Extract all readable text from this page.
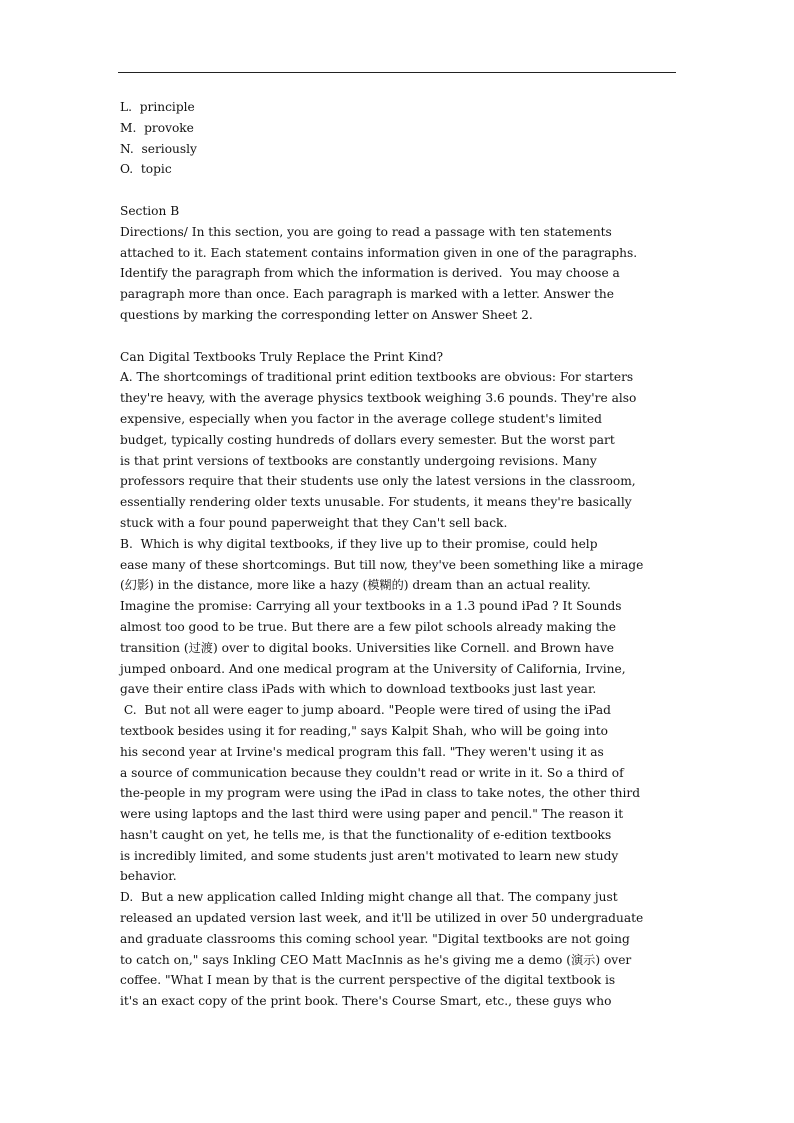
L.  principle
M.  provoke
N.  seriously
O.  topic
Section B
Directions/ In this section, you are going to read a passage with ten statements
attached to it. Each statement contains information given in one of the paragraphs.
Identify the paragraph from which the information is derived.  You may choose a
paragraph more than once. Each paragraph is marked with a letter. Answer the
questions by marking the corresponding letter on Answer Sheet 2.
Can Digital Textbooks Truly Replace the Print Kind?
A. The shortcomings of traditional print edition textbooks are obvious: For starters
they're heavy, with the average physics textbook weighing 3.6 pounds. They're also
expensive, especially when you factor in the average college student's limited
budget, typically costing hundreds of dollars every semester. But the worst part
is that print versions of textbooks are constantly undergoing revisions. Many
professors require that their students use only the latest versions in the classroom,
essentially rendering older texts unusable. For students, it means they're basically
stuck with a four pound paperweight that they Can't sell back.
B.  Which is why digital textbooks, if they live up to their promise, could help
ease many of these shortcomings. But till now, they've been something like a mirage
(幻影) in the distance, more like a hazy (模糊的) dream than an actual reality.
Imagine the promise: Carrying all your textbooks in a 1.3 pound iPad ? It Sounds
almost too good to be true. But there are a few pilot schools already making the
transition (过渡) over to digital books. Universities like Cornell. and Brown have
jumped onboard. And one medical program at the University of California, Irvine,
gave their entire class iPads with which to download textbooks just last year.
C.  But not all were eager to jump aboard. "People were tired of using the iPad
textbook besides using it for reading," says Kalpit Shah, who will be going into
his second year at Irvine's medical program this fall. "They weren't using it as
a source of communication because they couldn't read or write in it. So a third of
the-people in my program were using the iPad in class to take notes, the other third
were using laptops and the last third were using paper and pencil." The reason it
hasn't caught on yet, he tells me, is that the functionality of e-edition textbooks
is incredibly limited, and some students just aren't motivated to learn new study
behavior.
D.  But a new application called Inlding might change all that. The company just
released an updated version last week, and it'll be utilized in over 50 undergraduate
and graduate classrooms this coming school year. "Digital textbooks are not going
to catch on," says Inkling CEO Matt MacInnis as he's giving me a demo (演示) over
coffee. "What I mean by that is the current perspective of the digital textbook is
it's an exact copy of the print book. There's Course Smart, etc., these guys who
